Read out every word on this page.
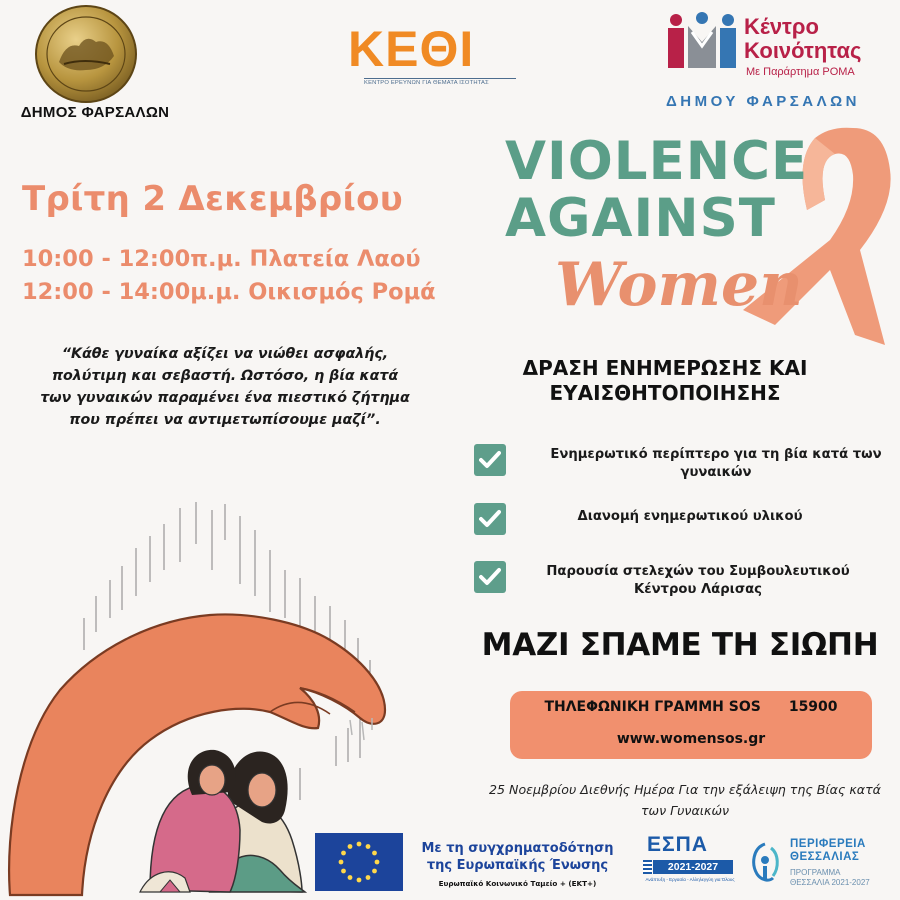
ΔΗΜΟΣ ΦΑΡΣΑΛΩΝ
ΚΕΘΙ
ΚΕΝΤΡΟ ΕΡΕΥΝΩΝ ΓΙΑ ΘΕΜΑΤΑ ΙΣΟΤΗΤΑΣ
Κέντρο
Κοινότητας
Με Παράρτημα ΡΟΜΑ
ΔΗΜΟΥ ΦΑΡΣΑΛΩΝ
VIOLENCE
AGAINST
Women
Τρίτη 2 Δεκεμβρίου
10:00 - 12:00π.μ. Πλατεία Λαού
12:00 - 14:00μ.μ. Οικισμός Ρομά
“Κάθε γυναίκα αξίζει να νιώθει ασφαλής, πολύτιμη και σεβαστή. Ωστόσο, η βία κατά των γυναικών παραμένει ένα πιεστικό ζήτημα που πρέπει να αντιμετωπίσουμε μαζί”.
ΔΡΑΣΗ ΕΝΗΜΕΡΩΣΗΣ ΚΑΙ ΕΥΑΙΣΘΗΤΟΠΟΙΗΣΗΣ
Ενημερωτικό περίπτερο για τη βία κατά των γυναικών
Διανομή ενημερωτικού υλικού
Παρουσία στελεχών του Συμβουλευτικού Κέντρου Λάρισας
ΜΑΖΙ ΣΠΑΜΕ ΤΗ ΣΙΩΠΗ
ΤΗΛΕΦΩΝΙΚΗ ΓΡΑΜΜΗ SOS 15900
www.womensos.gr
25 Νοεμβρίου Διεθνής Ημέρα Για την εξάλειψη της Βίας κατά των Γυναικών
Με τη συγχρηματοδότηση
της Ευρωπαϊκής Ένωσης
Ευρωπαϊκό Κοινωνικό Ταμείο + (ΕΚΤ+)
ΕΣΠΑ
2021-2027
Ανάπτυξη - Εργασία - Αλληλεγγύη για Όλους
ΠΕΡΙΦΕΡΕΙΑ
ΘΕΣΣΑΛΙΑΣ
ΠΡΟΓΡΑΜΜΑ
ΘΕΣΣΑΛΙΑ 2021-2027
